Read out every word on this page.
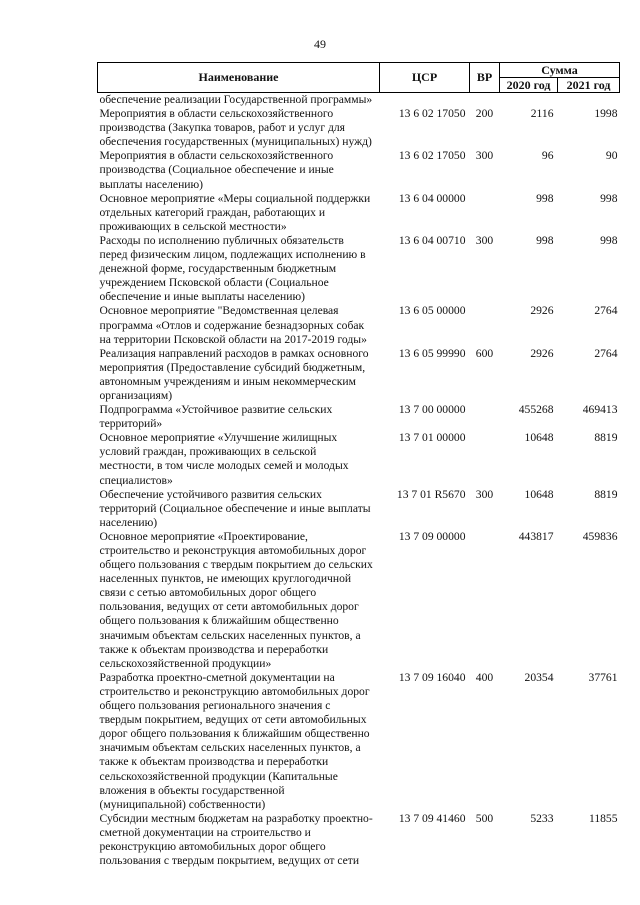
49
Наименование	ЦСР	ВР	Сумма	
			2020 год	2021 год
обеспечение реализации Государственной программы»				
Мероприятия в области сельскохозяйственного производства (Закупка товаров, работ и услуг для обеспечения государственных (муниципальных) нужд)	13 6 02 17050	200	2116	1998
Мероприятия в области сельскохозяйственного производства (Социальное обеспечение и иные выплаты населению)	13 6 02 17050	300	96	90
Основное мероприятие «Меры социальной поддержки отдельных категорий граждан, работающих и проживающих в сельской местности»	13 6 04 00000		998	998
Расходы по исполнению публичных обязательств перед физическим лицом, подлежащих исполнению в денежной форме, государственным бюджетным учреждением Псковской области (Социальное обеспечение и иные выплаты населению)	13 6 04 00710	300	998	998
Основное мероприятие "Ведомственная целевая программа «Отлов и содержание безнадзорных собак на территории Псковской области на 2017-2019 годы»	13 6 05 00000		2926	2764
Реализация направлений расходов в рамках основного мероприятия (Предоставление субсидий бюджетным, автономным учреждениям и иным некоммерческим организациям)	13 6 05 99990	600	2926	2764
Подпрограмма «Устойчивое развитие сельских территорий»	13 7 00 00000		455268	469413
Основное мероприятие «Улучшение жилищных условий граждан, проживающих в сельской местности, в том числе молодых семей и молодых специалистов»	13 7 01 00000		10648	8819
Обеспечение устойчивого развития сельских территорий (Социальное обеспечение и иные выплаты населению)	13 7 01 R5670	300	10648	8819
Основное мероприятие «Проектирование, строительство и реконструкция автомобильных дорог общего пользования с твердым покрытием до сельских населенных пунктов, не имеющих круглогодичной связи с сетью автомобильных дорог общего пользования, ведущих от сети автомобильных дорог общего пользования к ближайшим общественно значимым объектам сельских населенных пунктов, а также к объектам производства и переработки сельскохозяйственной продукции»	13 7 09 00000		443817	459836
Разработка проектно-сметной документации на строительство и реконструкцию автомобильных дорог общего пользования регионального значения с твердым покрытием, ведущих от сети автомобильных дорог общего пользования к ближайшим общественно значимым объектам сельских населенных пунктов, а также к объектам производства и переработки сельскохозяйственной продукции (Капитальные вложения в объекты государственной (муниципальной) собственности)	13 7 09 16040	400	20354	37761
Субсидии местным бюджетам на разработку проектно-сметной документации на строительство и реконструкцию автомобильных дорог общего пользования с твердым покрытием, ведущих от сети	13 7 09 41460	500	5233	11855
